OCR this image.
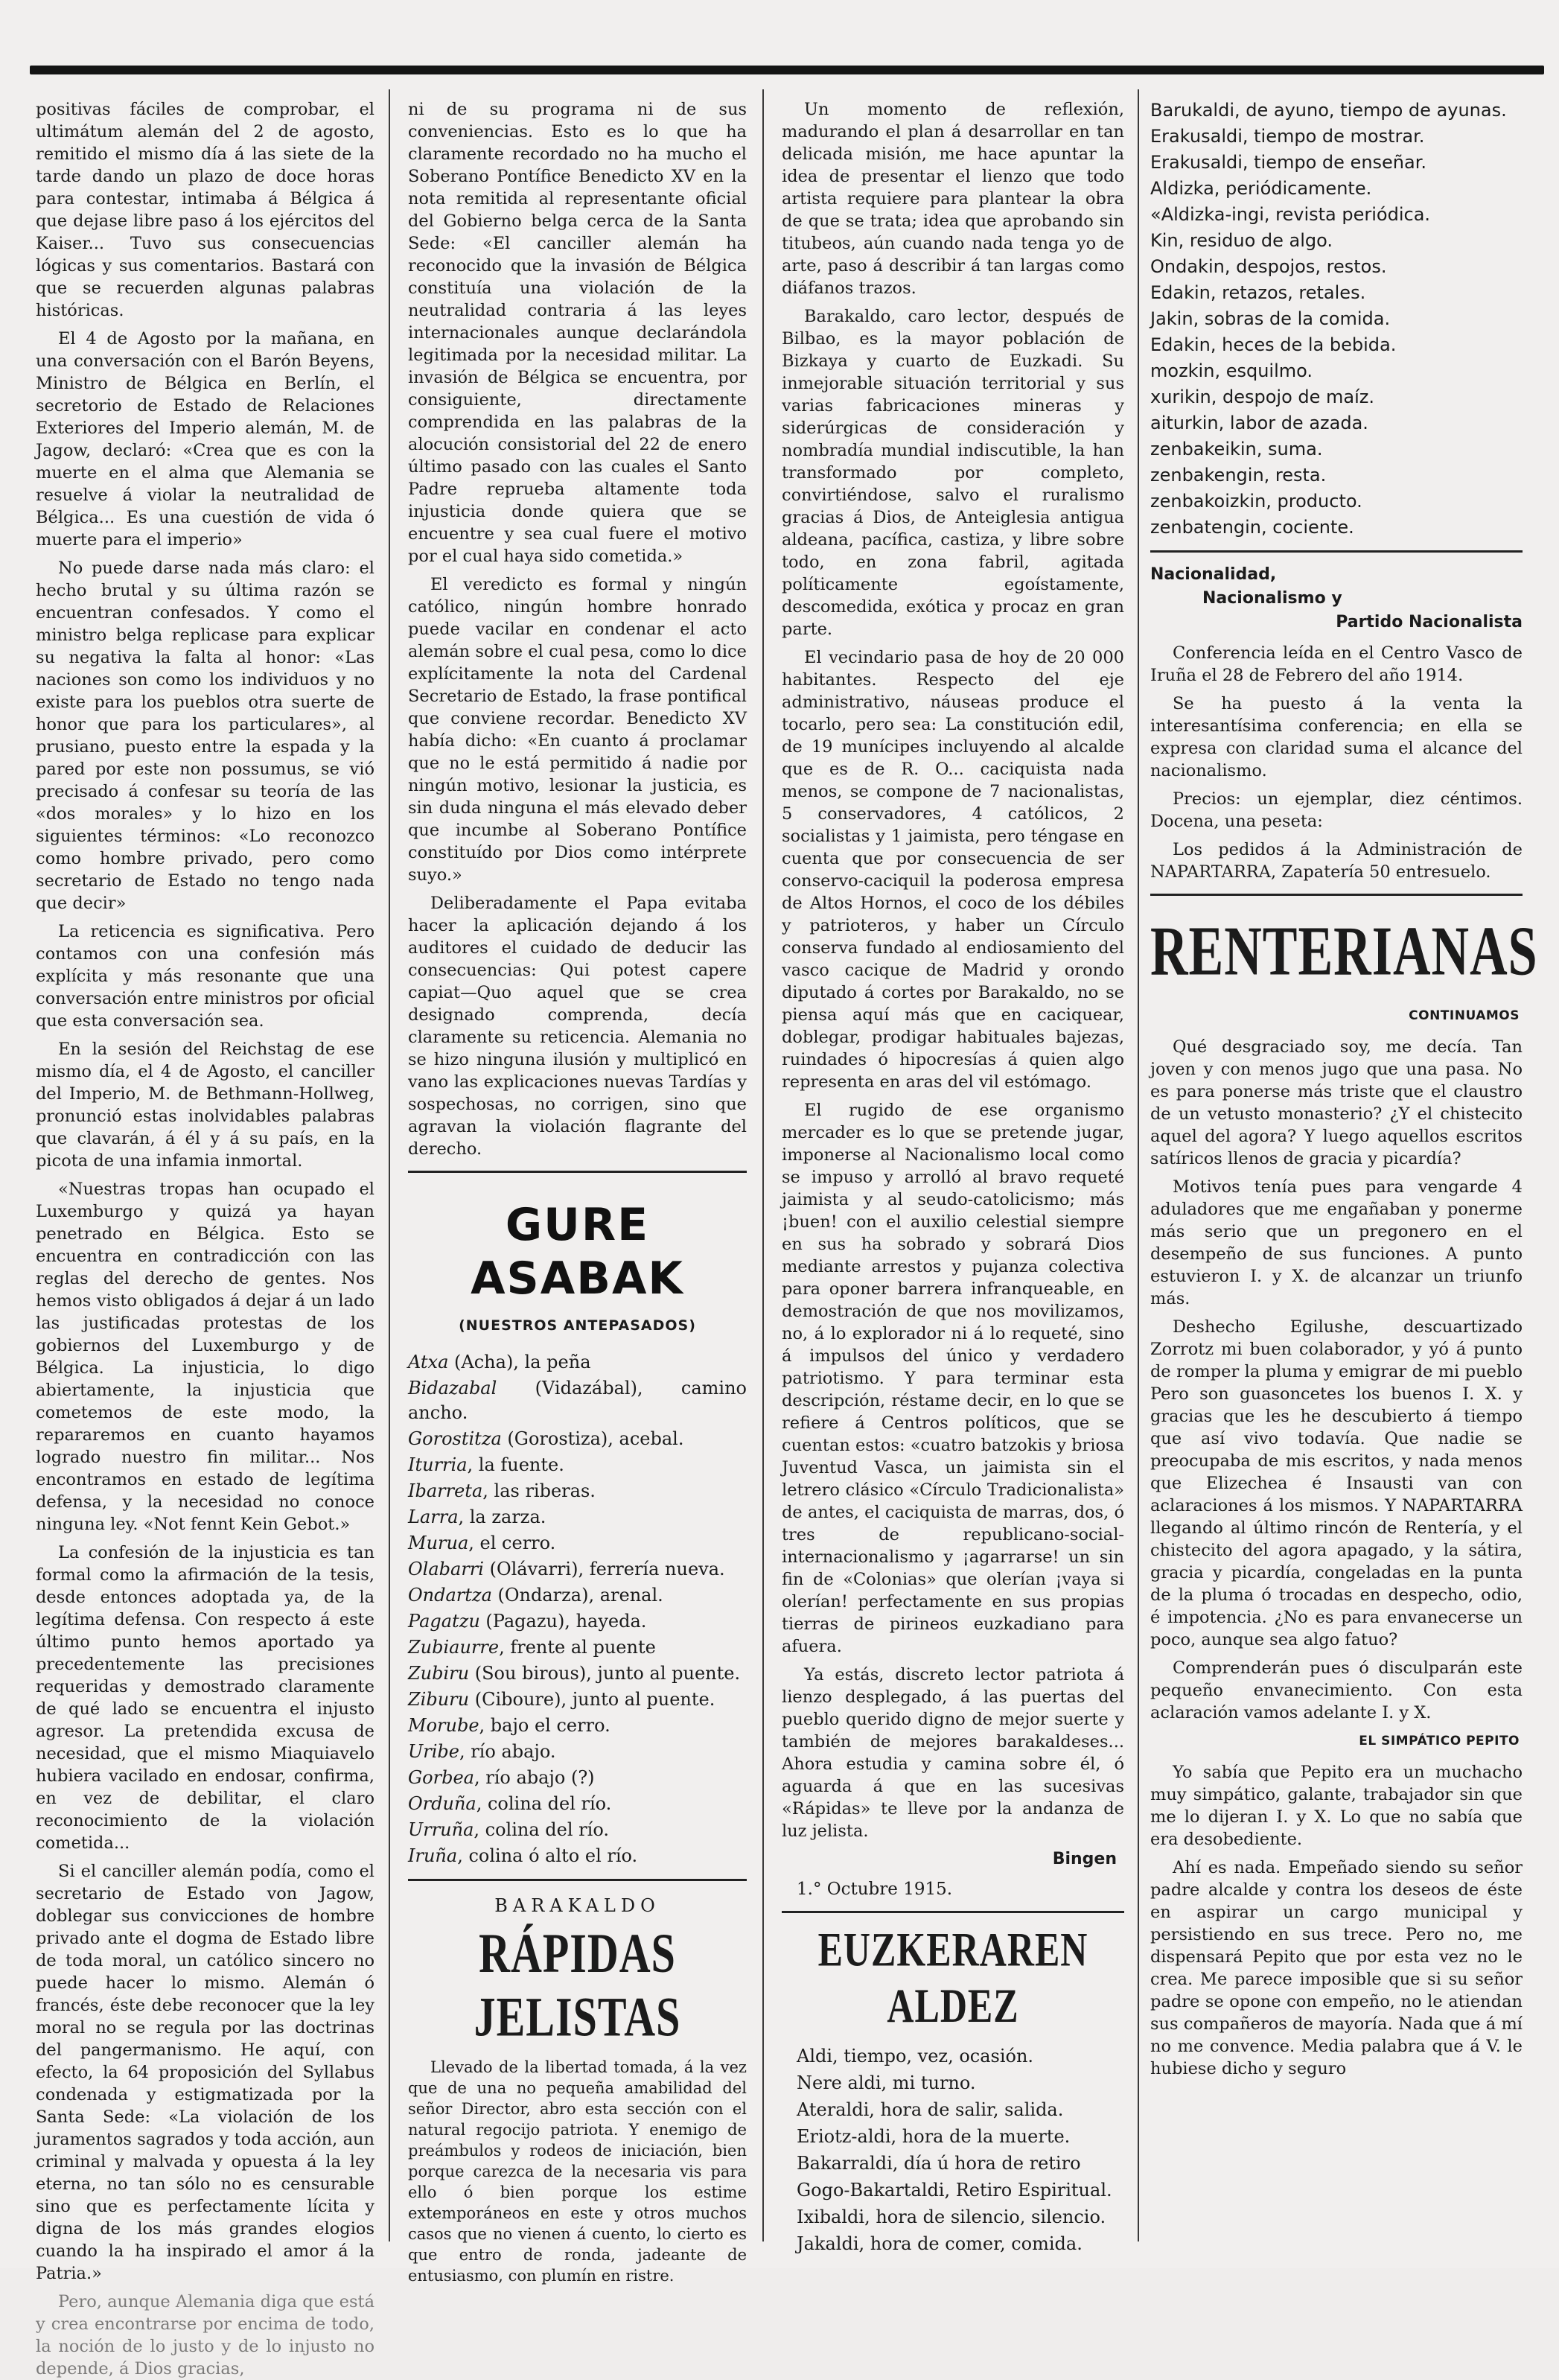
positivas fáciles de comprobar, el ultimátum alemán del 2 de agosto, remitido el mismo día á las siete de la tarde dando un plazo de doce horas para contestar, intimaba á Bélgica á que dejase libre paso á los ejércitos del Kaiser... Tuvo sus consecuencias lógicas y sus comentarios. Bastará con que se recuerden algunas palabras históricas.

El 4 de Agosto por la mañana, en una conversación con el Barón Beyens, Ministro de Bélgica en Berlín, el secretorio de Estado de Relaciones Exteriores del Imperio alemán, M. de Jagow, declaró: «Crea que es con la muerte en el alma que Alemania se resuelve á violar la neutralidad de Bélgica... Es una cuestión de vida ó muerte para el imperio»

No puede darse nada más claro: el hecho brutal y su última razón se encuentran confesados. Y como el ministro belga replicase para explicar su negativa la falta al honor: «Las naciones son como los individuos y no existe para los pueblos otra suerte de honor que para los particulares», al prusiano, puesto entre la espada y la pared por este non possumus, se vió precisado á confesar su teoría de las «dos morales» y lo hizo en los siguientes términos: «Lo reconozco como hombre privado, pero como secretario de Estado no tengo nada que decir»

La reticencia es significativa. Pero contamos con una confesión más explícita y más resonante que una conversación entre ministros por oficial que esta conversación sea.

En la sesión del Reichstag de ese mismo día, el 4 de Agosto, el canciller del Imperio, M. de Bethmann-Hollweg, pronunció estas inolvidables palabras que clavarán, á él y á su país, en la picota de una infamia inmortal.

«Nuestras tropas han ocupado el Luxemburgo y quizá ya hayan penetrado en Bélgica. Esto se encuentra en contradicción con las reglas del derecho de gentes. Nos hemos visto obligados á dejar á un lado las justificadas protestas de los gobiernos del Luxemburgo y de Bélgica. La injusticia, lo digo abiertamente, la injusticia que cometemos de este modo, la repararemos en cuanto hayamos logrado nuestro fin militar... Nos encontramos en estado de legítima defensa, y la necesidad no conoce ninguna ley. «Not fennt Kein Gebot.»

La confesión de la injusticia es tan formal como la afirmación de la tesis, desde entonces adoptada ya, de la legítima defensa. Con respecto á este último punto hemos aportado ya precedentemente las precisiones requeridas y demostrado claramente de qué lado se encuentra el injusto agresor. La pretendida excusa de necesidad, que el mismo Miaquiavelo hubiera vacilado en endosar, confirma, en vez de debilitar, el claro reconocimiento de la violación cometida...

Si el canciller alemán podía, como el secretario de Estado von Jagow, doblegar sus convicciones de hombre privado ante el dogma de Estado libre de toda moral, un católico sincero no puede hacer lo mismo. Alemán ó francés, éste debe reconocer que la ley moral no se regula por las doctrinas del pangermanismo. He aquí, con efecto, la 64 proposición del Syllabus condenada y estigmatizada por la Santa Sede: «La violación de los juramentos sagrados y toda acción, aun criminal y malvada y opuesta á la ley eterna, no tan sólo no es censurable sino que es perfectamente lícita y digna de los más grandes elogios cuando la ha inspirado el amor á la Patria.»

Pero, aunque Alemania diga que está y crea encontrarse por encima de todo, la noción de lo justo y de lo injusto no depende, á Dios gracias,

ni de su programa ni de sus conveniencias. Esto es lo que ha claramente recordado no ha mucho el Soberano Pontífice Benedicto XV en la nota remitida al representante oficial del Gobierno belga cerca de la Santa Sede: «El canciller alemán ha reconocido que la invasión de Bélgica constituía una violación de la neutralidad contraria á las leyes internacionales aunque declarándola legitimada por la necesidad militar. La invasión de Bélgica se encuentra, por consiguiente, directamente comprendida en las palabras de la alocución consistorial del 22 de enero último pasado con las cuales el Santo Padre reprueba altamente toda injusticia donde quiera que se encuentre y sea cual fuere el motivo por el cual haya sido cometida.»

El veredicto es formal y ningún católico, ningún hombre honrado puede vacilar en condenar el acto alemán sobre el cual pesa, como lo dice explícitamente la nota del Cardenal Secretario de Estado, la frase pontifical que conviene recordar. Benedicto XV había dicho: «En cuanto á proclamar que no le está permitido á nadie por ningún motivo, lesionar la justicia, es sin duda ninguna el más elevado deber que incumbe al Soberano Pontífice constituído por Dios como intérprete suyo.»

Deliberadamente el Papa evitaba hacer la aplicación dejando á los auditores el cuidado de deducir las consecuencias: Qui potest capere capiat—Quo aquel que se crea designado comprenda, decía claramente su reticencia. Alemania no se hizo ninguna ilusión y multiplicó en vano las explicaciones nuevas Tardías y sospechosas, no corrigen, sino que agravan la violación flagrante del derecho.

GURE ASABAK
(NUESTROS ANTEPASADOS)

Atxa (Acha), la peña

Bidazabal (Vidazábal), camino ancho.

Gorostitza (Gorostiza), acebal.

Iturria, la fuente.

Ibarreta, las riberas.

Larra, la zarza.

Murua, el cerro.

Olabarri (Olávarri), ferrería nueva.

Ondartza (Ondarza), arenal.

Pagatzu (Pagazu), hayeda.

Zubiaurre, frente al puente

Zubiru (Sou birous), junto al puente.

Ziburu (Ciboure), junto al puente.

Morube, bajo el cerro.

Uribe, río abajo.

Gorbea, río abajo (?)

Orduña, colina del río.

Urruña, colina del río.

Iruña, colina ó alto el río.

BARAKALDO
RÁPIDAS JELISTAS

Llevado de la libertad tomada, á la vez que de una no pequeña amabilidad del señor Director, abro esta sección con el natural regocijo patriota. Y enemigo de preámbulos y rodeos de iniciación, bien porque carezca de la necesaria vis para ello ó bien porque los estime extemporáneos en este y otros muchos casos que no vienen á cuento, lo cierto es que entro de ronda, jadeante de entusiasmo, con plumín en ristre.

Un momento de reflexión, madurando el plan á desarrollar en tan delicada misión, me hace apuntar la idea de presentar el lienzo que todo artista requiere para plantear la obra de que se trata; idea que aprobando sin titubeos, aún cuando nada tenga yo de arte, paso á describir á tan largas como diáfanos trazos.

Barakaldo, caro lector, después de Bilbao, es la mayor población de Bizkaya y cuarto de Euzkadi. Su inmejorable situación territorial y sus varias fabricaciones mineras y siderúrgicas de consideración y nombradía mundial indiscutible, la han transformado por completo, convirtiéndose, salvo el ruralismo gracias á Dios, de Anteiglesia antigua aldeana, pacífica, castiza, y libre sobre todo, en zona fabril, agitada políticamente egoístamente, descomedida, exótica y procaz en gran parte.

El vecindario pasa de hoy de 20 000 habitantes. Respecto del eje administrativo, náuseas produce el tocarlo, pero sea: La constitución edil, de 19 munícipes incluyendo al alcalde que es de R. O... caciquista nada menos, se compone de 7 nacionalistas, 5 conservadores, 4 católicos, 2 socialistas y 1 jaimista, pero téngase en cuenta que por consecuencia de ser conservo-caciquil la poderosa empresa de Altos Hornos, el coco de los débiles y patrioteros, y haber un Círculo conserva fundado al endiosamiento del vasco cacique de Madrid y orondo diputado á cortes por Barakaldo, no se piensa aquí más que en caciquear, doblegar, prodigar habituales bajezas, ruindades ó hipocresías á quien algo representa en aras del vil estómago.

El rugido de ese organismo mercader es lo que se pretende jugar, imponerse al Nacionalismo local como se impuso y arrolló al bravo requeté jaimista y al seudo-catolicismo; más ¡buen! con el auxilio celestial siempre en sus ha sobrado y sobrará Dios mediante arrestos y pujanza colectiva para oponer barrera infranqueable, en demostración de que nos movilizamos, no, á lo explorador ni á lo requeté, sino á impulsos del único y verdadero patriotismo. Y para terminar esta descripción, réstame decir, en lo que se refiere á Centros políticos, que se cuentan estos: «cuatro batzokis y briosa Juventud Vasca, un jaimista sin el letrero clásico «Círculo Tradicionalista» de antes, el caciquista de marras, dos, ó tres de republicano-social-internacionalismo y ¡agarrarse! un sin fin de «Colonias» que olerían ¡vaya si olerían! perfectamente en sus propias tierras de pirineos euzkadiano para afuera.

Ya estás, discreto lector patriota á lienzo desplegado, á las puertas del pueblo querido digno de mejor suerte y también de mejores barakaldeses... Ahora estudia y camina sobre él, ó aguarda á que en las sucesivas «Rápidas» te lleve por la andanza de luz jelista.

Bingen
1.° Octubre 1915.
EUZKERAREN ALDEZ

Aldi, tiempo, vez, ocasión.

Nere aldi, mi turno.

Ateraldi, hora de salir, salida.

Eriotz-aldi, hora de la muerte.

Bakarraldi, día ú hora de retiro

Gogo-Bakartaldi, Retiro Espiritual.

Ixibaldi, hora de silencio, silencio.

Jakaldi, hora de comer, comida.

Barukaldi, de ayuno, tiempo de ayunas.

Erakusaldi, tiempo de mostrar.

Erakusaldi, tiempo de enseñar.

Aldizka, periódicamente.

«Aldizka-ingi, revista periódica.

Kin, residuo de algo.

Ondakin, despojos, restos.

Edakin, retazos, retales.

Jakin, sobras de la comida.

Edakin, heces de la bebida.

mozkin, esquilmo.

xurikin, despojo de maíz.

aiturkin, labor de azada.

zenbakeikin, suma.

zenbakengin, resta.

zenbakoizkin, producto.

zenbatengin, cociente.

Nacionalidad,
Nacionalismo y
Partido Nacionalista

Conferencia leída en el Centro Vasco de Iruña el 28 de Febrero del año 1914.

Se ha puesto á la venta la interesantísima conferencia; en ella se expresa con claridad suma el alcance del nacionalismo.

Precios: un ejemplar, diez céntimos. Docena, una peseta:

Los pedidos á la Administración de NAPARTARRA, Zapatería 50 entresuelo.

RENTERIANAS
CONTINUAMOS

Qué desgraciado soy, me decía. Tan joven y con menos jugo que una pasa. No es para ponerse más triste que el claustro de un vetusto monasterio? ¿Y el chistecito aquel del agora? Y luego aquellos escritos satíricos llenos de gracia y picardía?

Motivos tenía pues para vengarde 4 aduladores que me engañaban y ponerme más serio que un pregonero en el desempeño de sus funciones. A punto estuvieron I. y X. de alcanzar un triunfo más.

Deshecho Egilushe, descuartizado Zorrotz mi buen colaborador, y yó á punto de romper la pluma y emigrar de mi pueblo Pero son guasoncetes los buenos I. X. y gracias que les he descubierto á tiempo que así vivo todavía. Que nadie se preocupaba de mis escritos, y nada menos que Elizechea é Insausti van con aclaraciones á los mismos. Y NAPARTARRA llegando al último rincón de Rentería, y el chistecito del agora apagado, y la sátira, gracia y picardía, congeladas en la punta de la pluma ó trocadas en despecho, odio, é impotencia. ¿No es para envanecerse un poco, aunque sea algo fatuo?

Comprenderán pues ó disculparán este pequeño envanecimiento. Con esta aclaración vamos adelante I. y X.

EL SIMPÁTICO PEPITO

Yo sabía que Pepito era un muchacho muy simpático, galante, trabajador sin que me lo dijeran I. y X. Lo que no sabía que era desobediente.

Ahí es nada. Empeñado siendo su señor padre alcalde y contra los deseos de éste en aspirar un cargo municipal y persistiendo en sus trece. Pero no, me dispensará Pepito que por esta vez no le crea. Me parece imposible que si su señor padre se opone con empeño, no le atiendan sus compañeros de mayoría. Nada que á mí no me convence. Media palabra que á V. le hubiese dicho y seguro
